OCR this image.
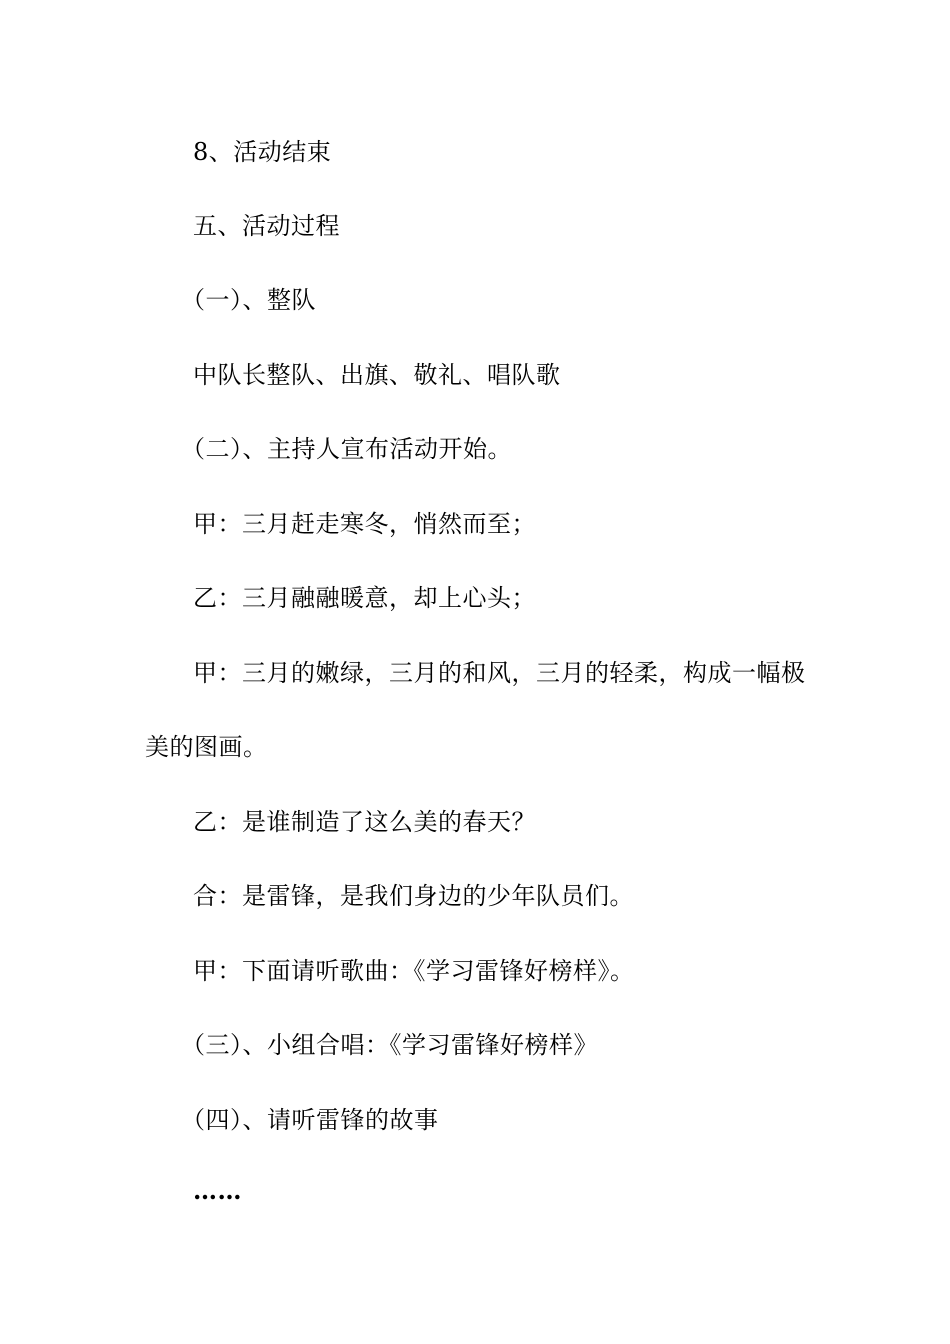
8、活动结束
五、活动过程
（一）、整队
中队长整队、出旗、敬礼、唱队歌
（二）、主持人宣布活动开始。
甲：三月赶走寒冬，悄然而至；
乙：三月融融暖意，却上心头；
甲：三月的嫩绿，三月的和风，三月的轻柔，构成一幅极
美的图画。
乙：是谁制造了这么美的春天？
合：是雷锋，是我们身边的少年队员们。
甲：下面请听歌曲：《学习雷锋好榜样》。
（三）、小组合唱：《学习雷锋好榜样》
（四）、请听雷锋的故事
……
